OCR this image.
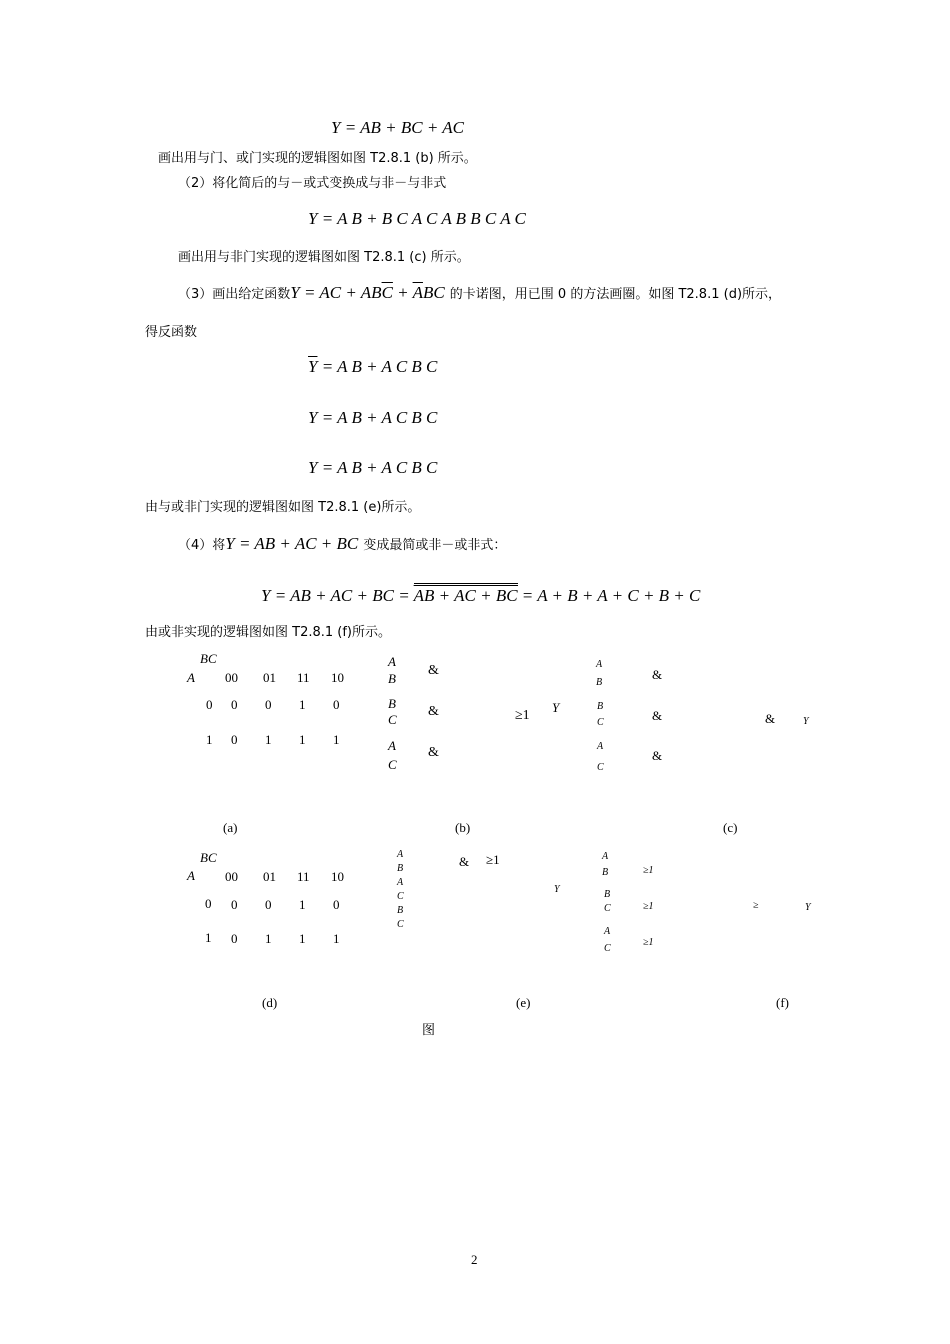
Y = AB + BC + AC
画出用与门、或门实现的逻辑图如图 T2.8.1 (b) 所示。
（2）将化简后的与－或式变换成与非－与非式
Y = A B + B C A C A B B C A C
画出用与非门实现的逻辑图如图 T2.8.1 (c) 所示。
（3）画出给定函数Y = AC + $AB\overline{C} + \overline{A}BC$ 的卡诺图，用已围 0 的方法画圈。如图 T2.8.1 (d)所示，
得反函数
$\overline{Y} = A$ B + A C B C
Y = A B + A C B C
Y = A B + A C B C
由与或非门实现的逻辑图如图 T2.8.1 (e)所示。
（4）将Y = AB + AC + BC 变成最简或非－或非式：
Y = AB + AC + BC = $\overline{AB} + \overline{AC} + \overline{BC} = A + B + A + C + B + C$
由或非实现的逻辑图如图 T2.8.1 (f)所示。
BC
A 00 01 11 10
0 0 0 1 0
1 0 1 1 1
A
B
&
B
C
&
A
C
&
≥1
Y
A
B
&
B
C	&
A
C
&
&	Y
(a)	(b)	(c)
BC
A 00 01 11 10
0 0 0 1 0
1 0 1 1 1
A
B
A
C
B
C
& ≥1
Y
A
B	≥1
B
C	≥1
A
C
≥1
≥	Y
(d)	(e)	(f)
图
2
